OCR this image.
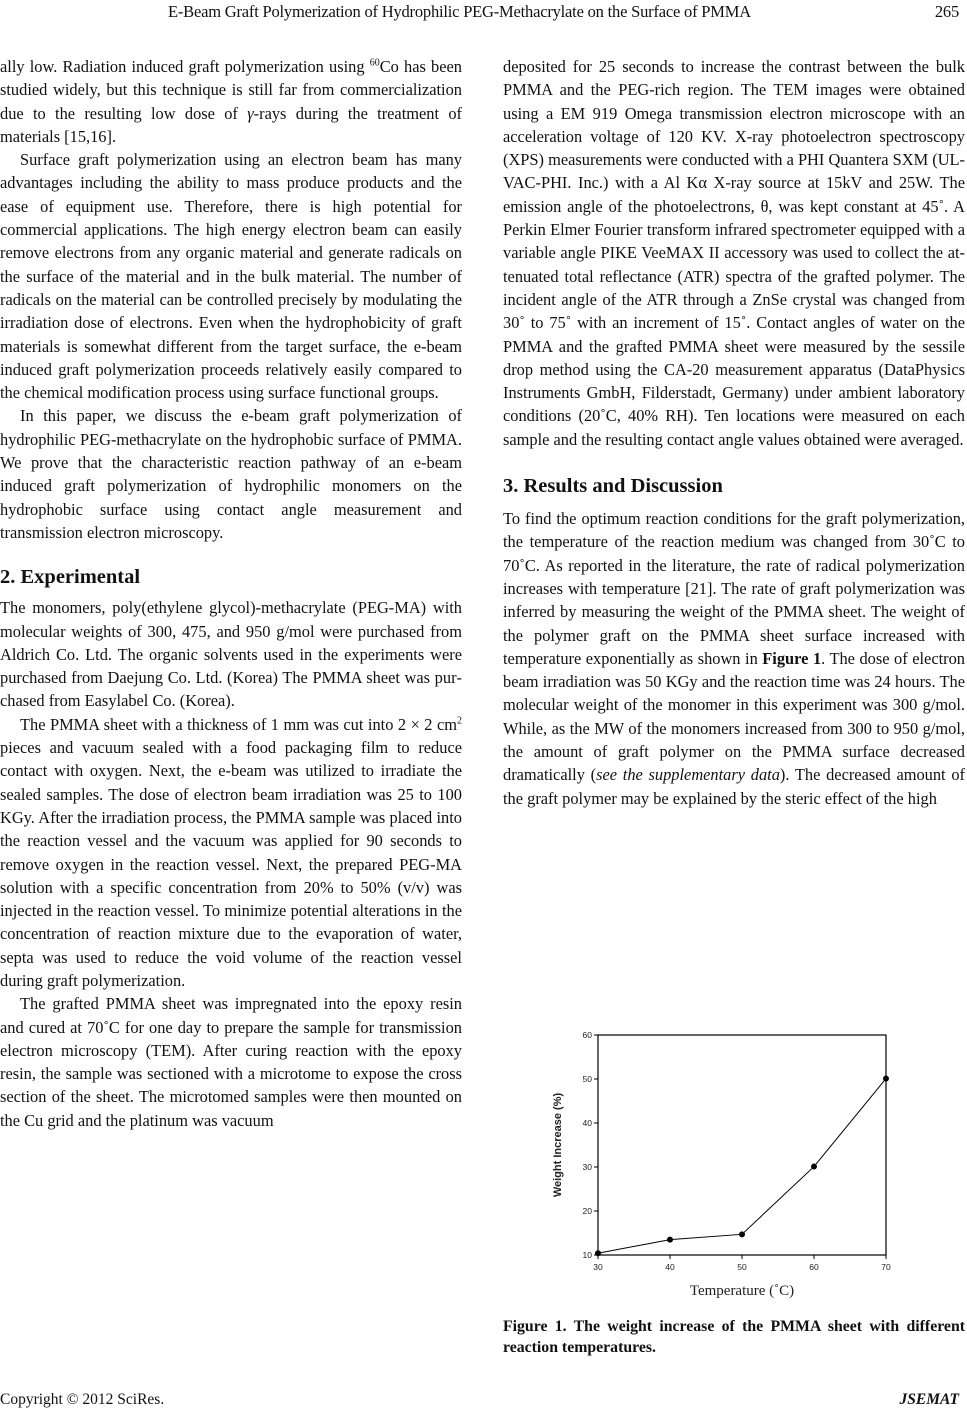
E-Beam Graft Polymerization of Hydrophilic PEG-Methacrylate on the Surface of PMMA	265

ally low. Radiation induced graft polymerization using $^{60}$Co has been studied widely, but this technique is still far from commercialization due to the resulting low dose of γ-rays during the treatment of materials [15,16].

Surface graft polymerization using an electron beam has many advantages including the ability to mass produce products and the ease of equipment use. Therefore, there is high potential for commercial applications. The high energy electron beam can easily remove electrons from any organic material and generate radicals on the surface of the material and in the bulk material. The number of radicals on the material can be controlled precisely by modulating the irradiation dose of electrons. Even when the hydrophobicity of graft materials is somewhat different from the target surface, the e-beam induced graft polymerization proceeds relatively easily compared to the chemical modification process using surface functional groups.

In this paper, we discuss the e-beam graft polymerization of hydrophilic PEG-methacrylate on the hydrophobic surface of PMMA. We prove that the characteristic reaction pathway of an e-beam induced graft polymerization of hydrophilic monomers on the hydrophobic surface using contact angle measurement and transmission electron microscopy.

2. Experimental

The monomers, poly(ethylene glycol)-methacrylate (PEG-MA) with molecular weights of 300, 475, and 950 g/mol were purchased from Aldrich Co. Ltd. The organic solvents used in the experiments were purchased from Daejung Co. Ltd. (Korea) The PMMA sheet was purchased from Easylabel Co. (Korea).

The PMMA sheet with a thickness of 1 mm was cut into 2 × 2 $cm^2$ pieces and vacuum sealed with a food packaging film to reduce contact with oxygen. Next, the e-beam was utilized to irradiate the sealed samples. The dose of electron beam irradiation was 25 to 100 KGy. After the irradiation process, the PMMA sample was placed into the reaction vessel and the vacuum was applied for 90 seconds to remove oxygen in the reaction vessel. Next, the prepared PEG-MA solution with a specific concentration from 20% to 50% (v/v) was injected in the reaction vessel. To minimize potential alterations in the concentration of reaction mixture due to the evaporation of water, septa was used to reduce the void volume of the reaction vessel during graft polymerization.

The grafted PMMA sheet was impregnated into the epoxy resin and cured at 70˚C for one day to prepare the sample for transmission electron microscopy (TEM). After curing reaction with the epoxy resin, the sample was sectioned with a microtome to expose the cross section of the sheet. The microtomed samples were then mounted on the Cu grid and the platinum was vacuum

deposited for 25 seconds to increase the contrast between the bulk PMMA and the PEG-rich region. The TEM images were obtained using a EM 919 Omega transmission electron microscope with an acceleration voltage of 120 KV. X-ray photoelectron spectroscopy (XPS) measurements were conducted with a PHI Quantera SXM (ULVAC-PHI. Inc.) with a Al Kα X-ray source at 15kV and 25W. The emission angle of the photoelectrons, θ, was kept constant at 45˚. A Perkin Elmer Fourier transform infrared spectrometer equipped with a variable angle PIKE VeeMAX II accessory was used to collect the attenuated total reflectance (ATR) spectra of the grafted polymer. The incident angle of the ATR through a ZnSe crystal was changed from 30˚ to 75˚ with an increment of 15˚. Contact angles of water on the PMMA and the grafted PMMA sheet were measured by the sessile drop method using the CA-20 measurement apparatus (DataPhysics Instruments GmbH, Filderstadt, Germany) under ambient laboratory conditions (20˚C, 40% RH). Ten locations were measured on each sample and the resulting contact angle values obtained were averaged.

3. Results and Discussion

To find the optimum reaction conditions for the graft polymerization, the temperature of the reaction medium was changed from 30˚C to 70˚C. As reported in the literature, the rate of radical polymerization increases with temperature [21]. The rate of graft polymerization was inferred by measuring the weight of the PMMA sheet. The weight of the polymer graft on the PMMA sheet surface increased with temperature exponentially as shown in Figure 1. The dose of electron beam irradiation was 50 KGy and the reaction time was 24 hours. The molecular weight of the monomer in this experiment was 300 g/mol. While, as the MW of the monomers increased from 300 to 950 g/mol, the amount of graft polymer on the PMMA surface decreased dramatically (see the supplementary data). The decreased amount of the graft polymer may be explained by the steric effect of the high

10
20
30
40
50
60
30	40	50	60	70
Weight Increase (%)
Temperature (˚C)
Figure 1. The weight increase of the PMMA sheet with different reaction temperatures.
Copyright © 2012 SciRes.	JSEMAT
